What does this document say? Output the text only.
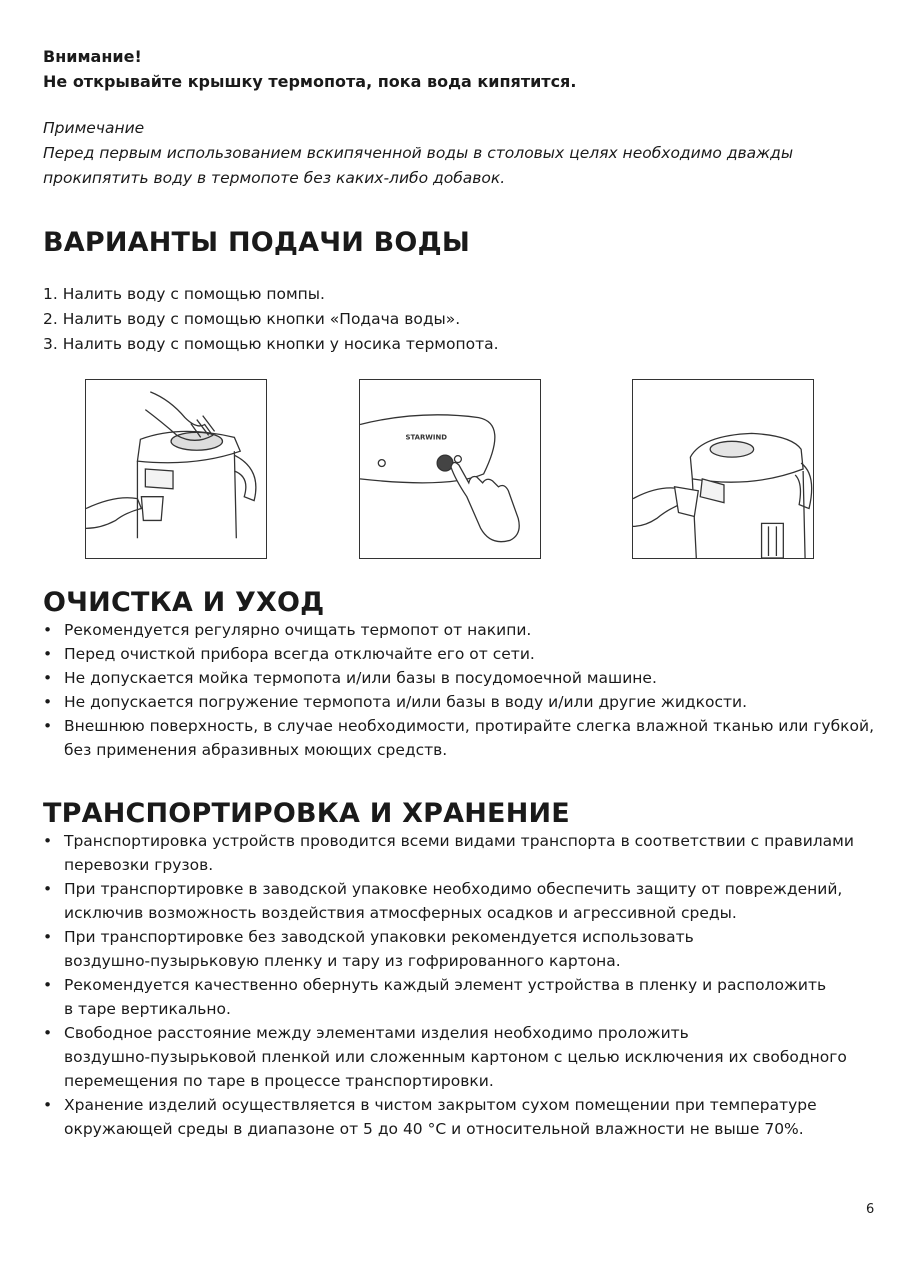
Внимание!

Не открывайте крышку термопота, пока вода кипятится.

Примечание

Перед первым использованием вскипяченной воды в столовых целях необходимо дважды

прокипятить воду в термопоте без каких-либо добавок.

ВАРИАНТЫ ПОДАЧИ ВОДЫ
1. Налить воду с помощью помпы.
2. Налить воду с помощью кнопки «Подача воды».
3. Налить воду с помощью кнопки у носика термопота.
STARWIND
ОЧИСТКА И УХОД
• Рекомендуется регулярно очищать термопот от накипи.
• Перед очисткой прибора всегда отключайте его от сети.
• Не допускается мойка термопота и/или базы в посудомоечной машине.
• Не допускается погружение термопота и/или базы в воду и/или другие жидкости.
• Внешнюю поверхность, в случае необходимости, протирайте слегка влажной тканью или губкой,
без применения абразивных моющих средств.
ТРАНСПОРТИРОВКА И ХРАНЕНИЕ
• Транспортировка устройств проводится всеми видами транспорта в соответствии с правилами
перевозки грузов.
• При транспортировке в заводской упаковке необходимо обеспечить защиту от повреждений,
исключив возможность воздействия атмосферных осадков и агрессивной среды.
• При транспортировке без заводской упаковки рекомендуется использовать
воздушно-пузырьковую пленку и тару из гофрированного картона.
• Рекомендуется качественно обернуть каждый элемент устройства в пленку и расположить
в таре вертикально.
• Свободное расстояние между элементами изделия необходимо проложить
воздушно-пузырьковой пленкой или сложенным картоном с целью исключения их свободного
перемещения по таре в процессе транспортировки.
• Хранение изделий осуществляется в чистом закрытом сухом помещении при температуре
окружающей среды в диапазоне от 5 до 40 °С и относительной влажности не выше 70%.
6
